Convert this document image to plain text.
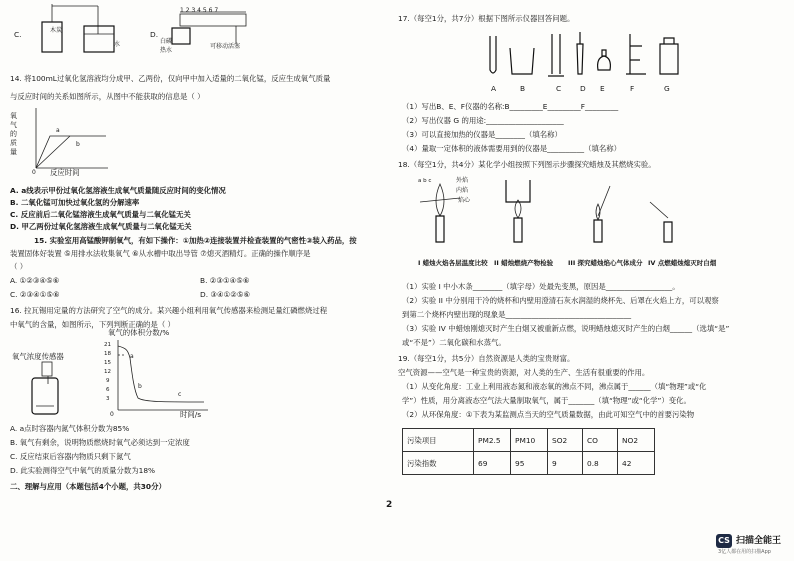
C.	木炭
水
D.
1 2 3 4 5 6 7
白磷
热水
可移动活塞
14. 将100mL过氧化氢溶液均分成甲、乙两份，仅向甲中加入适量的二氧化锰，反应生成氧气质量
与反应时间的关系如图所示，从图中不能获取的信息是（ ）
氧气的质量
a
b
0 反应时间
A. a线表示甲份过氧化氢溶液生成氧气质量随反应时间的变化情况
B. 二氧化锰可加快过氧化氢的分解速率
C. 反应前后二氧化锰溶液生成氧气质量与二氧化锰无关
D. 甲乙两份过氧化氢溶液生成氧气质量与二氧化锰无关
15. 实验室用高锰酸钾制氧气，有如下操作：①加热②连接装置并检查装置的气密性③装入药品，按
装置固体好装置 ⑤用排水法收集氧气 ⑥从水槽中取出导管 ⑦熄灭酒精灯。正确的操作顺序是
（ ）
A. ①②③④⑤⑥	B. ②③①④⑤⑥
C. ②③④①⑤⑥	D. ③④①②⑤⑥
16. 拉瓦锡用定量的方法研究了空气的成分。某兴趣小组利用氧气传感器来检测足量红磷燃烧过程
中氧气的含量，如图所示，下列判断正确的是（ ）
氧气浓度传感器
氧气的体积分数/%
21
18
15
12
9
6
3
a
b
c
0	时间/s
A. a点时容器内氮气体积分数为85%
B. 氧气有剩余，说明物质燃烧时氧气必须达到一定浓度
C. 反应结束后容器内物质只剩下氮气
D. 此实验测得空气中氧气的质量分数为18%
二、理解与应用（本题包括4个小题，共30分）
17.（每空1分，共7分）根据下图所示仪器回答问题。
A	B	C	D E	F	G
（1）写出B、E、F仪器的名称:B_________E_________F_________
（2）写出仪器 G 的用途:_____________________
（3）可以直接加热的仪器是________（填名称）
（4）量取一定体积的液体需要用到的仪器是__________（填名称）
18.（每空1分，共4分）某化学小组按照下列图示步骤探究蜡烛及其燃烧实验。
外焰
内焰
焰心
a b c
I 蜡烛火焰各层温度比较 II 蜡烛燃烧产物检验 III 探究蜡烛焰心气体成分 IV 点燃蜡烛熄灭时白烟
（1）实验 I 中小木条________（填字母）处最先变黑，原因是__________________。
（2）实验 II 中分别用干冷的烧杯和内壁用澄清石灰水润湿的烧杯先、后罩在火焰上方，可以观察
到第二个烧杯内壁出现的现象是__________________________________
（3）实验 IV 中蜡烛刚熄灭时产生白烟又被重新点燃，说明蜡烛熄灭时产生的白烟______（选填“是”
或“不是”）二氧化碳和水蒸气。
19.（每空1分，共5分）自然资源是人类的宝贵财富。
空气资源——空气是一种宝贵的资源，对人类的生产、生活有很重要的作用。
（1）从变化角度：工业上利用液态氮和液态氧的沸点不同，沸点属于______（填“物理”或“化
学”）性质，用分离液态空气法大量制取氧气，属于_______（填“物理”或“化学”）变化。
（2）从环保角度：①下表为某监测点当天的空气质量数据，由此可知空气中的首要污染物
污染项目	PM2.5	PM10	SO2	CO	NO2
污染指数	69	95	9	0.8	42
2
CS 扫描全能王
3亿人都在用的扫描App
